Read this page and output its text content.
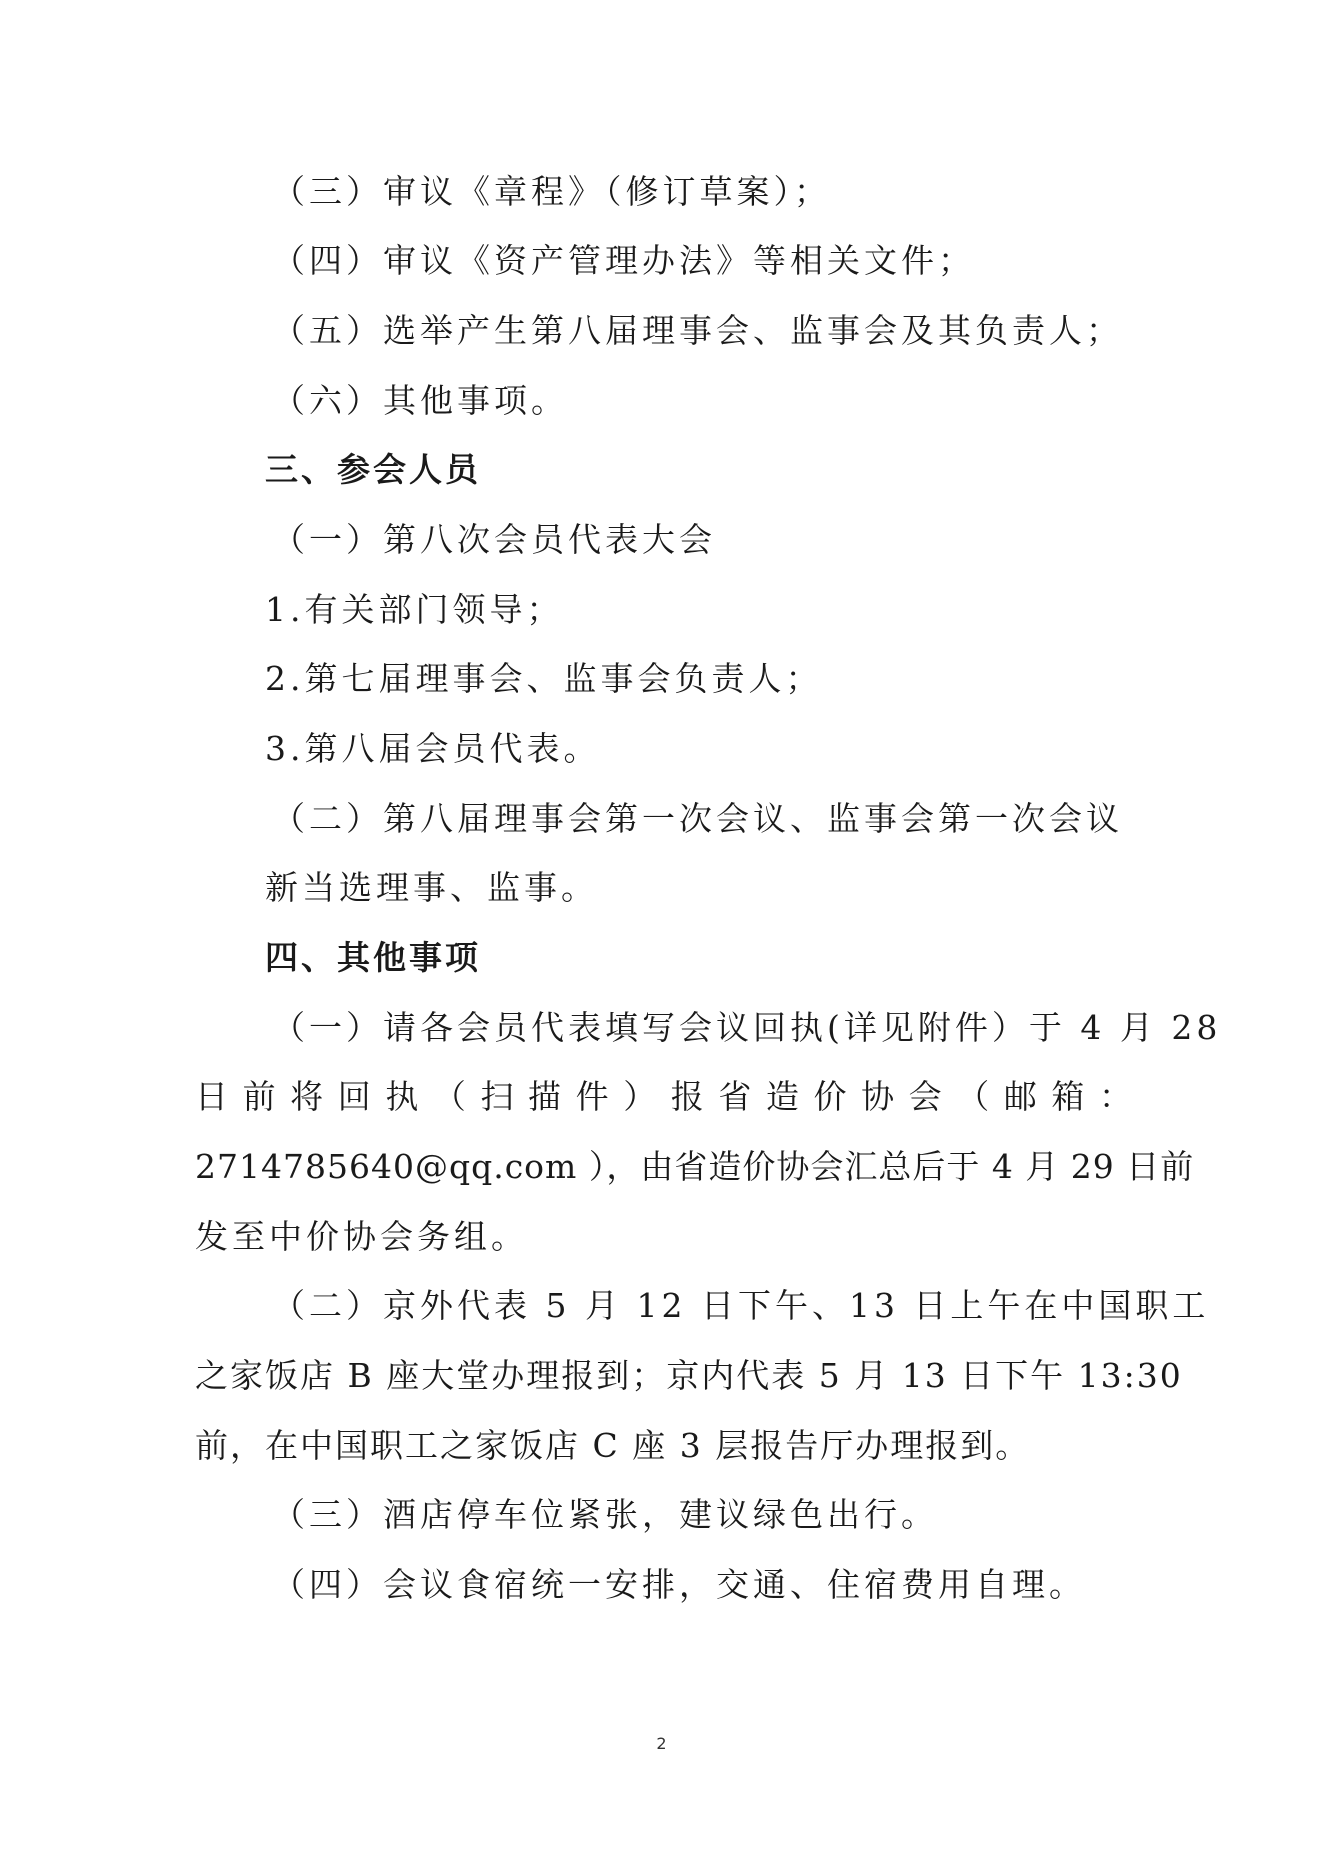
（三）审议《章程》（修订草案）；
（四）审议《资产管理办法》等相关文件；
（五）选举产生第八届理事会、监事会及其负责人；
（六）其他事项。
三、参会人员
（一）第八次会员代表大会
1.有关部门领导；
2.第七届理事会、监事会负责人；
3.第八届会员代表。
（二）第八届理事会第一次会议、监事会第一次会议
新当选理事、监事。
四、其他事项
（一）请各会员代表填写会议回执(详见附件）于 4 月 28
日前将回执（扫描件）报省造价协会（邮箱：
2714785640@qq.com ），由省造价协会汇总后于 4 月 29 日前
发至中价协会务组。
（二）京外代表 5 月 12 日下午、13 日上午在中国职工
之家饭店 B 座大堂办理报到；京内代表 5 月 13 日下午 13:30
前，在中国职工之家饭店 C 座 3 层报告厅办理报到。
（三）酒店停车位紧张，建议绿色出行。
（四）会议食宿统一安排，交通、住宿费用自理。
2
